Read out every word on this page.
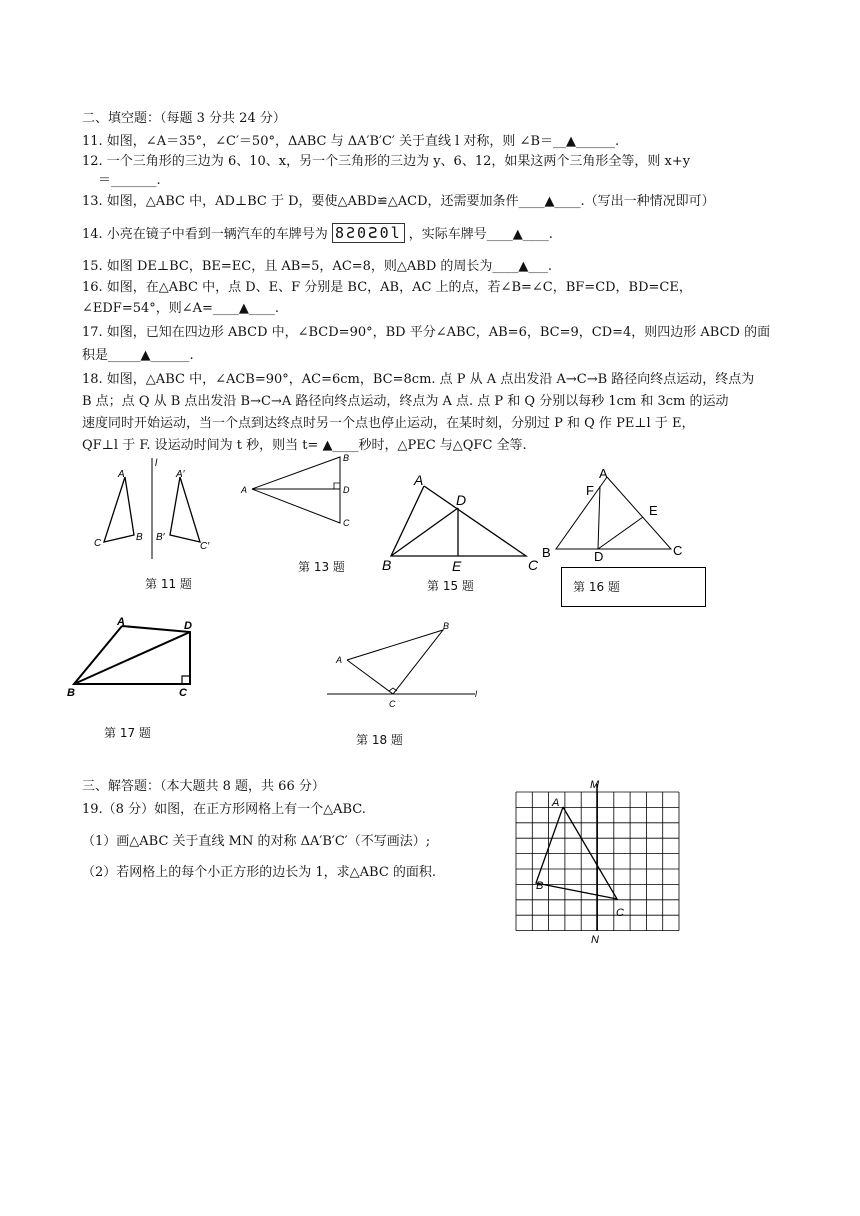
二、填空题：（每题 3 分共 24 分）
11. 如图，∠A＝35°，∠C′＝50°，ΔABC 与 ΔA′B′C′ 关于直线 l 对称，则 ∠B＝__▲______.
12. 一个三角形的三边为 6、10、x，另一个三角形的三边为 y、6、12，如果这两个三角形全等，则 x+y
＝_______.
13. 如图，△ABC 中，AD⊥BC 于 D，要使△ABD≌△ACD，还需要加条件____▲____.（写出一种情况即可）
14. 小亮在镜子中看到一辆汽车的车牌号为 8Ƨ0Ꙅ0l ，实际车牌号____▲____.
15. 如图 DE⊥BC，BE=EC，且 AB=5，AC=8，则△ABD 的周长为____▲___.
16. 如图，在△ABC 中，点 D、E、F 分别是 BC，AB，AC 上的点，若∠B=∠C，BF=CD，BD=CE，
∠EDF=54°，则∠A=____▲____.
17. 如图，已知在四边形 ABCD 中，∠BCD=90°，BD 平分∠ABC，AB=6，BC=9，CD=4，则四边形 ABCD 的面
积是_____▲______.
18. 如图，△ABC 中，∠ACB=90°，AC=6cm，BC=8cm. 点 P 从 A 点出发沿 A→C→B 路径向终点运动，终点为
B 点；点 Q 从 B 点出发沿 B→C→A 路径向终点运动，终点为 A 点. 点 P 和 Q 分别以每秒 1cm 和 3cm 的运动
速度同时开始运动，当一个点到达终点时另一个点也停止运动，在某时刻，分别过 P 和 Q 作 PE⊥l 于 E，
QF⊥l 于 F. 设运动时间为 t 秒，则当 t= ▲____秒时，△PEC 与△QFC 全等.
A
C
B
l
A′
B′
C′
第 11 题
A
B
D
C
第 13 题
A
D
B	E	C
第 15 题
A
F
E
B	D	C
第 16 题
A	D
B	C
第 17 题
A
B
C
l
第 18 题
三、解答题：（本大题共 8 题，共 66 分）
19.（8 分）如图，在正方形网格上有一个△ABC.
（1）画△ABC 关于直线 MN 的对称 ΔA′B′C′（不写画法）;
（2）若网格上的每个小正方形的边长为 1，求△ABC 的面积.
M
N
A
B
C
